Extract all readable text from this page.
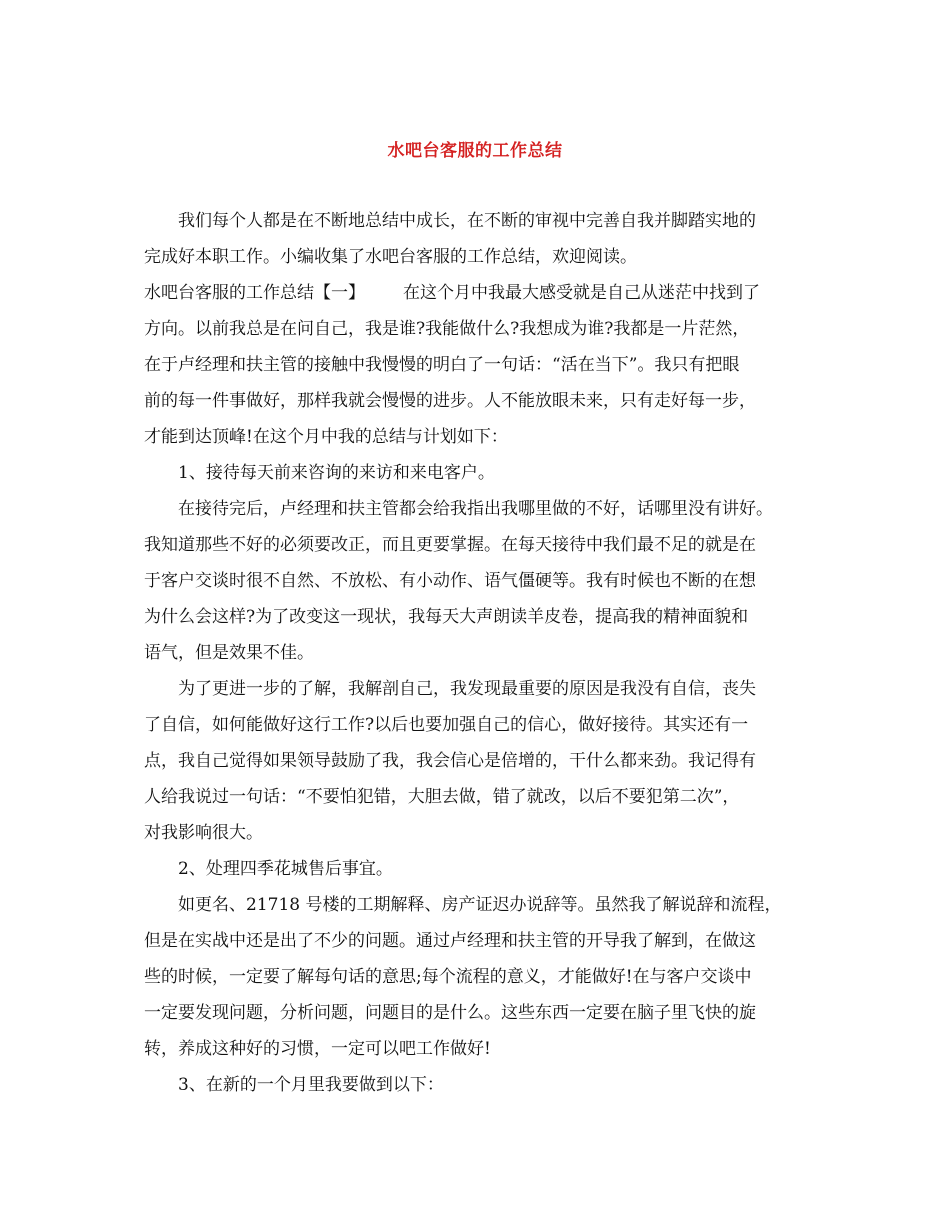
水吧台客服的工作总结
我们每个人都是在不断地总结中成长，在不断的审视中完善自我并脚踏实地的
完成好本职工作。小编收集了水吧台客服的工作总结，欢迎阅读。
水吧台客服的工作总结【一】 在这个月中我最大感受就是自己从迷茫中找到了
方向。以前我总是在问自己，我是谁?我能做什么?我想成为谁?我都是一片茫然，
在于卢经理和扶主管的接触中我慢慢的明白了一句话：“活在当下”。我只有把眼
前的每一件事做好，那样我就会慢慢的进步。人不能放眼未来，只有走好每一步，
才能到达顶峰!在这个月中我的总结与计划如下：
1、接待每天前来咨询的来访和来电客户。
在接待完后，卢经理和扶主管都会给我指出我哪里做的不好，话哪里没有讲好。
我知道那些不好的必须要改正，而且更要掌握。在每天接待中我们最不足的就是在
于客户交谈时很不自然、不放松、有小动作、语气僵硬等。我有时候也不断的在想
为什么会这样?为了改变这一现状，我每天大声朗读羊皮卷，提高我的精神面貌和
语气，但是效果不佳。
为了更进一步的了解，我解剖自己，我发现最重要的原因是我没有自信，丧失
了自信，如何能做好这行工作?以后也要加强自己的信心，做好接待。其实还有一
点，我自己觉得如果领导鼓励了我，我会信心是倍增的，干什么都来劲。我记得有
人给我说过一句话：“不要怕犯错，大胆去做，错了就改，以后不要犯第二次”，
对我影响很大。
2、处理四季花城售后事宜。
如更名、21718 号楼的工期解释、房产证迟办说辞等。虽然我了解说辞和流程，
但是在实战中还是出了不少的问题。通过卢经理和扶主管的开导我了解到，在做这
些的时候，一定要了解每句话的意思;每个流程的意义，才能做好!在与客户交谈中
一定要发现问题，分析问题，问题目的是什么。这些东西一定要在脑子里飞快的旋
转，养成这种好的习惯，一定可以吧工作做好!
3、在新的一个月里我要做到以下：
